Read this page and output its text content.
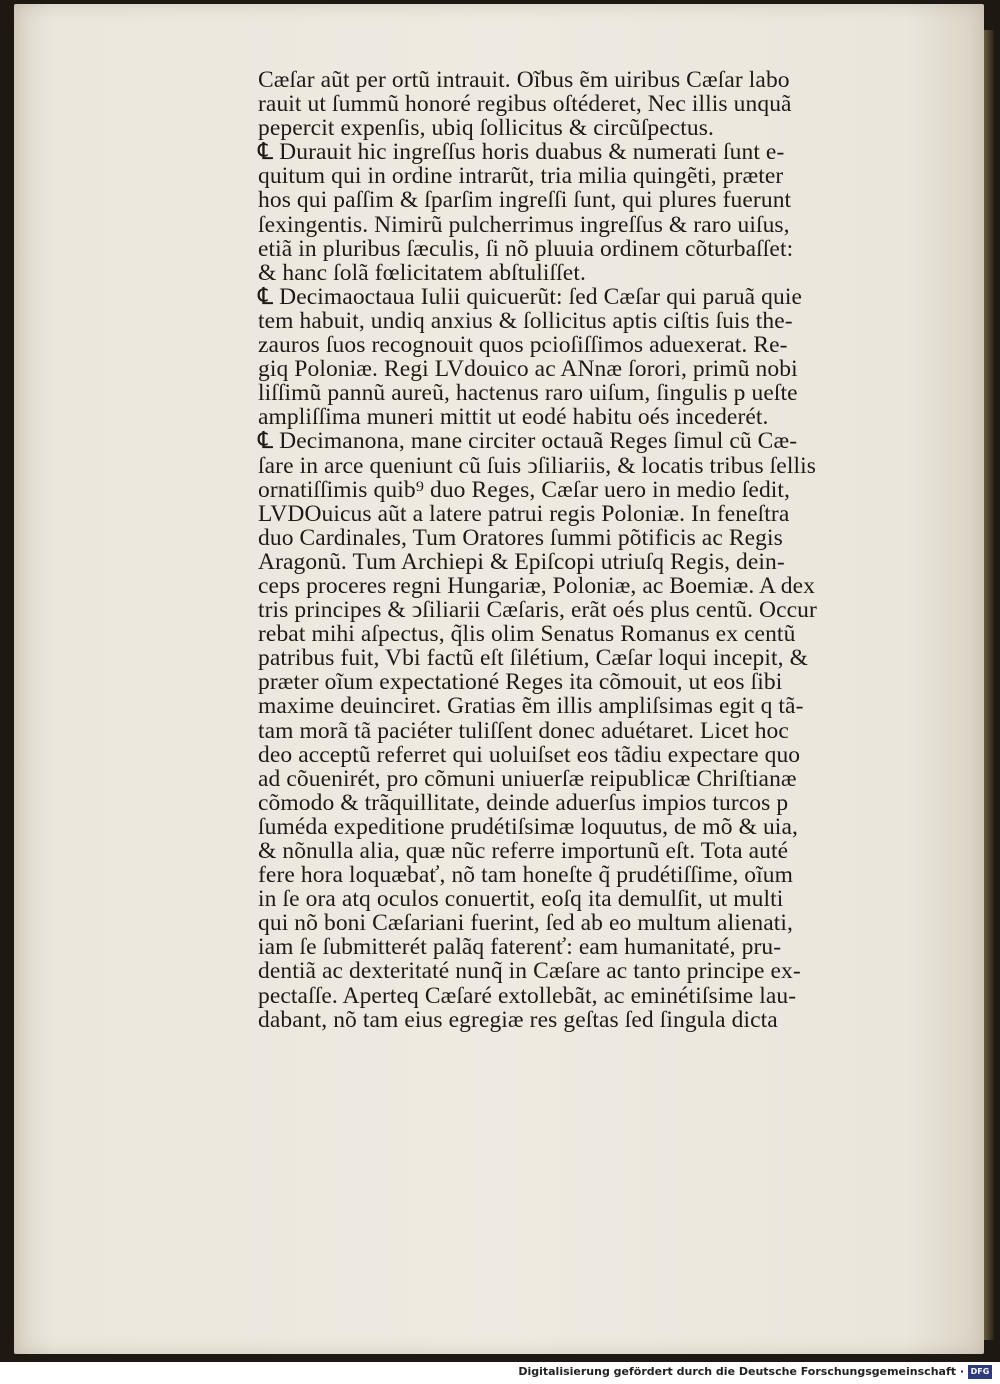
Cæſar aũt per ortũ intrauit. Oĩbus ẽm uiribus Cæſar labo
rauit ut ſummũ honoré regibus oſtéderet, Nec illis unquã
pepercit expenſis, ubiq ſollicitus & circũſpectus.
℄ Durauit hic ingreſſus horis duabus & numerati ſunt e-
quitum qui in ordine intrarũt, tria milia quingẽti, præter
hos qui paſſim & ſparſim ingreſſi ſunt, qui plures fuerunt
ſexingentis. Nimirũ pulcherrimus ingreſſus & raro uiſus,
etiã in pluribus ſæculis, ſi nõ pluuia ordinem cõturbaſſet:
& hanc ſolã fœlicitatem abſtuliſſet.
℄ Decimaoctaua Iulii quicuerũt: ſed Cæſar qui paruã quie
tem habuit, undiq anxius & ſollicitus aptis ciſtis ſuis the-
zauros ſuos recognouit quos pcioſiſſimos aduexerat. Re-
giq Poloniæ. Regi LVdouico ac ANnæ ſorori, primũ nobi
liſſimũ pannũ aureũ, hactenus raro uiſum, ſingulis p ueſte
ampliſſima muneri mittit ut eodé habitu oés incederét.
℄ Decimanona, mane circiter octauã Reges ſimul cũ Cæ-
ſare in arce queniunt cũ ſuis ↄſiliariis, & locatis tribus ſellis
ornatiſſimis quib⁹ duo Reges, Cæſar uero in medio ſedit,
LVDOuicus aũt a latere patrui regis Poloniæ. In feneſtra
duo Cardinales, Tum Oratores ſummi põtificis ac Regis
Aragonũ. Tum Archiepi & Epiſcopi utriuſq Regis, dein-
ceps proceres regni Hungariæ, Poloniæ, ac Boemiæ. A dex
tris principes & ↄſiliarii Cæſaris, erãt oés plus centũ. Occur
rebat mihi aſpectus, q̃lis olim Senatus Romanus ex centũ
patribus fuit, Vbi factũ eſt ſilétium, Cæſar loqui incepit, &
præter oĩum expectationé Reges ita cõmouit, ut eos ſibi
maxime deuinciret. Gratias ẽm illis ampliſsimas egit q tã-
tam morã tã paciéter tuliſſent donec aduétaret. Licet hoc
deo acceptũ referret qui uoluiſset eos tãdiu expectare quo
ad cõuenirét, pro cõmuni uniuerſæ reipublicæ Chriſtianæ
cõmodo & trãquillitate, deinde aduerſus impios turcos p
ſuméda expeditione prudétiſsimæ loquutus, de mõ & uia,
& nõnulla alia, quæ nũc referre importunũ eſt. Tota auté
fere hora loquæbať, nõ tam honeſte q̃ prudétiſſime, oĩum
in ſe ora atq oculos conuertit, eoſq ita demulſit, ut multi
qui nõ boni Cæſariani fuerint, ſed ab eo multum alienati,
iam ſe ſubmitterét palãq faterenť: eam humanitaté, pru-
dentiã ac dexteritaté nunq̃ in Cæſare ac tanto principe ex-
pectaſſe. Aperteq Cæſaré extollebãt, ac eminétiſsime lau-
dabant, nõ tam eius egregiæ res geſtas ſed ſingula dicta
Digitalisierung gefördert durch die Deutsche Forschungsgemeinschaft · DFG
